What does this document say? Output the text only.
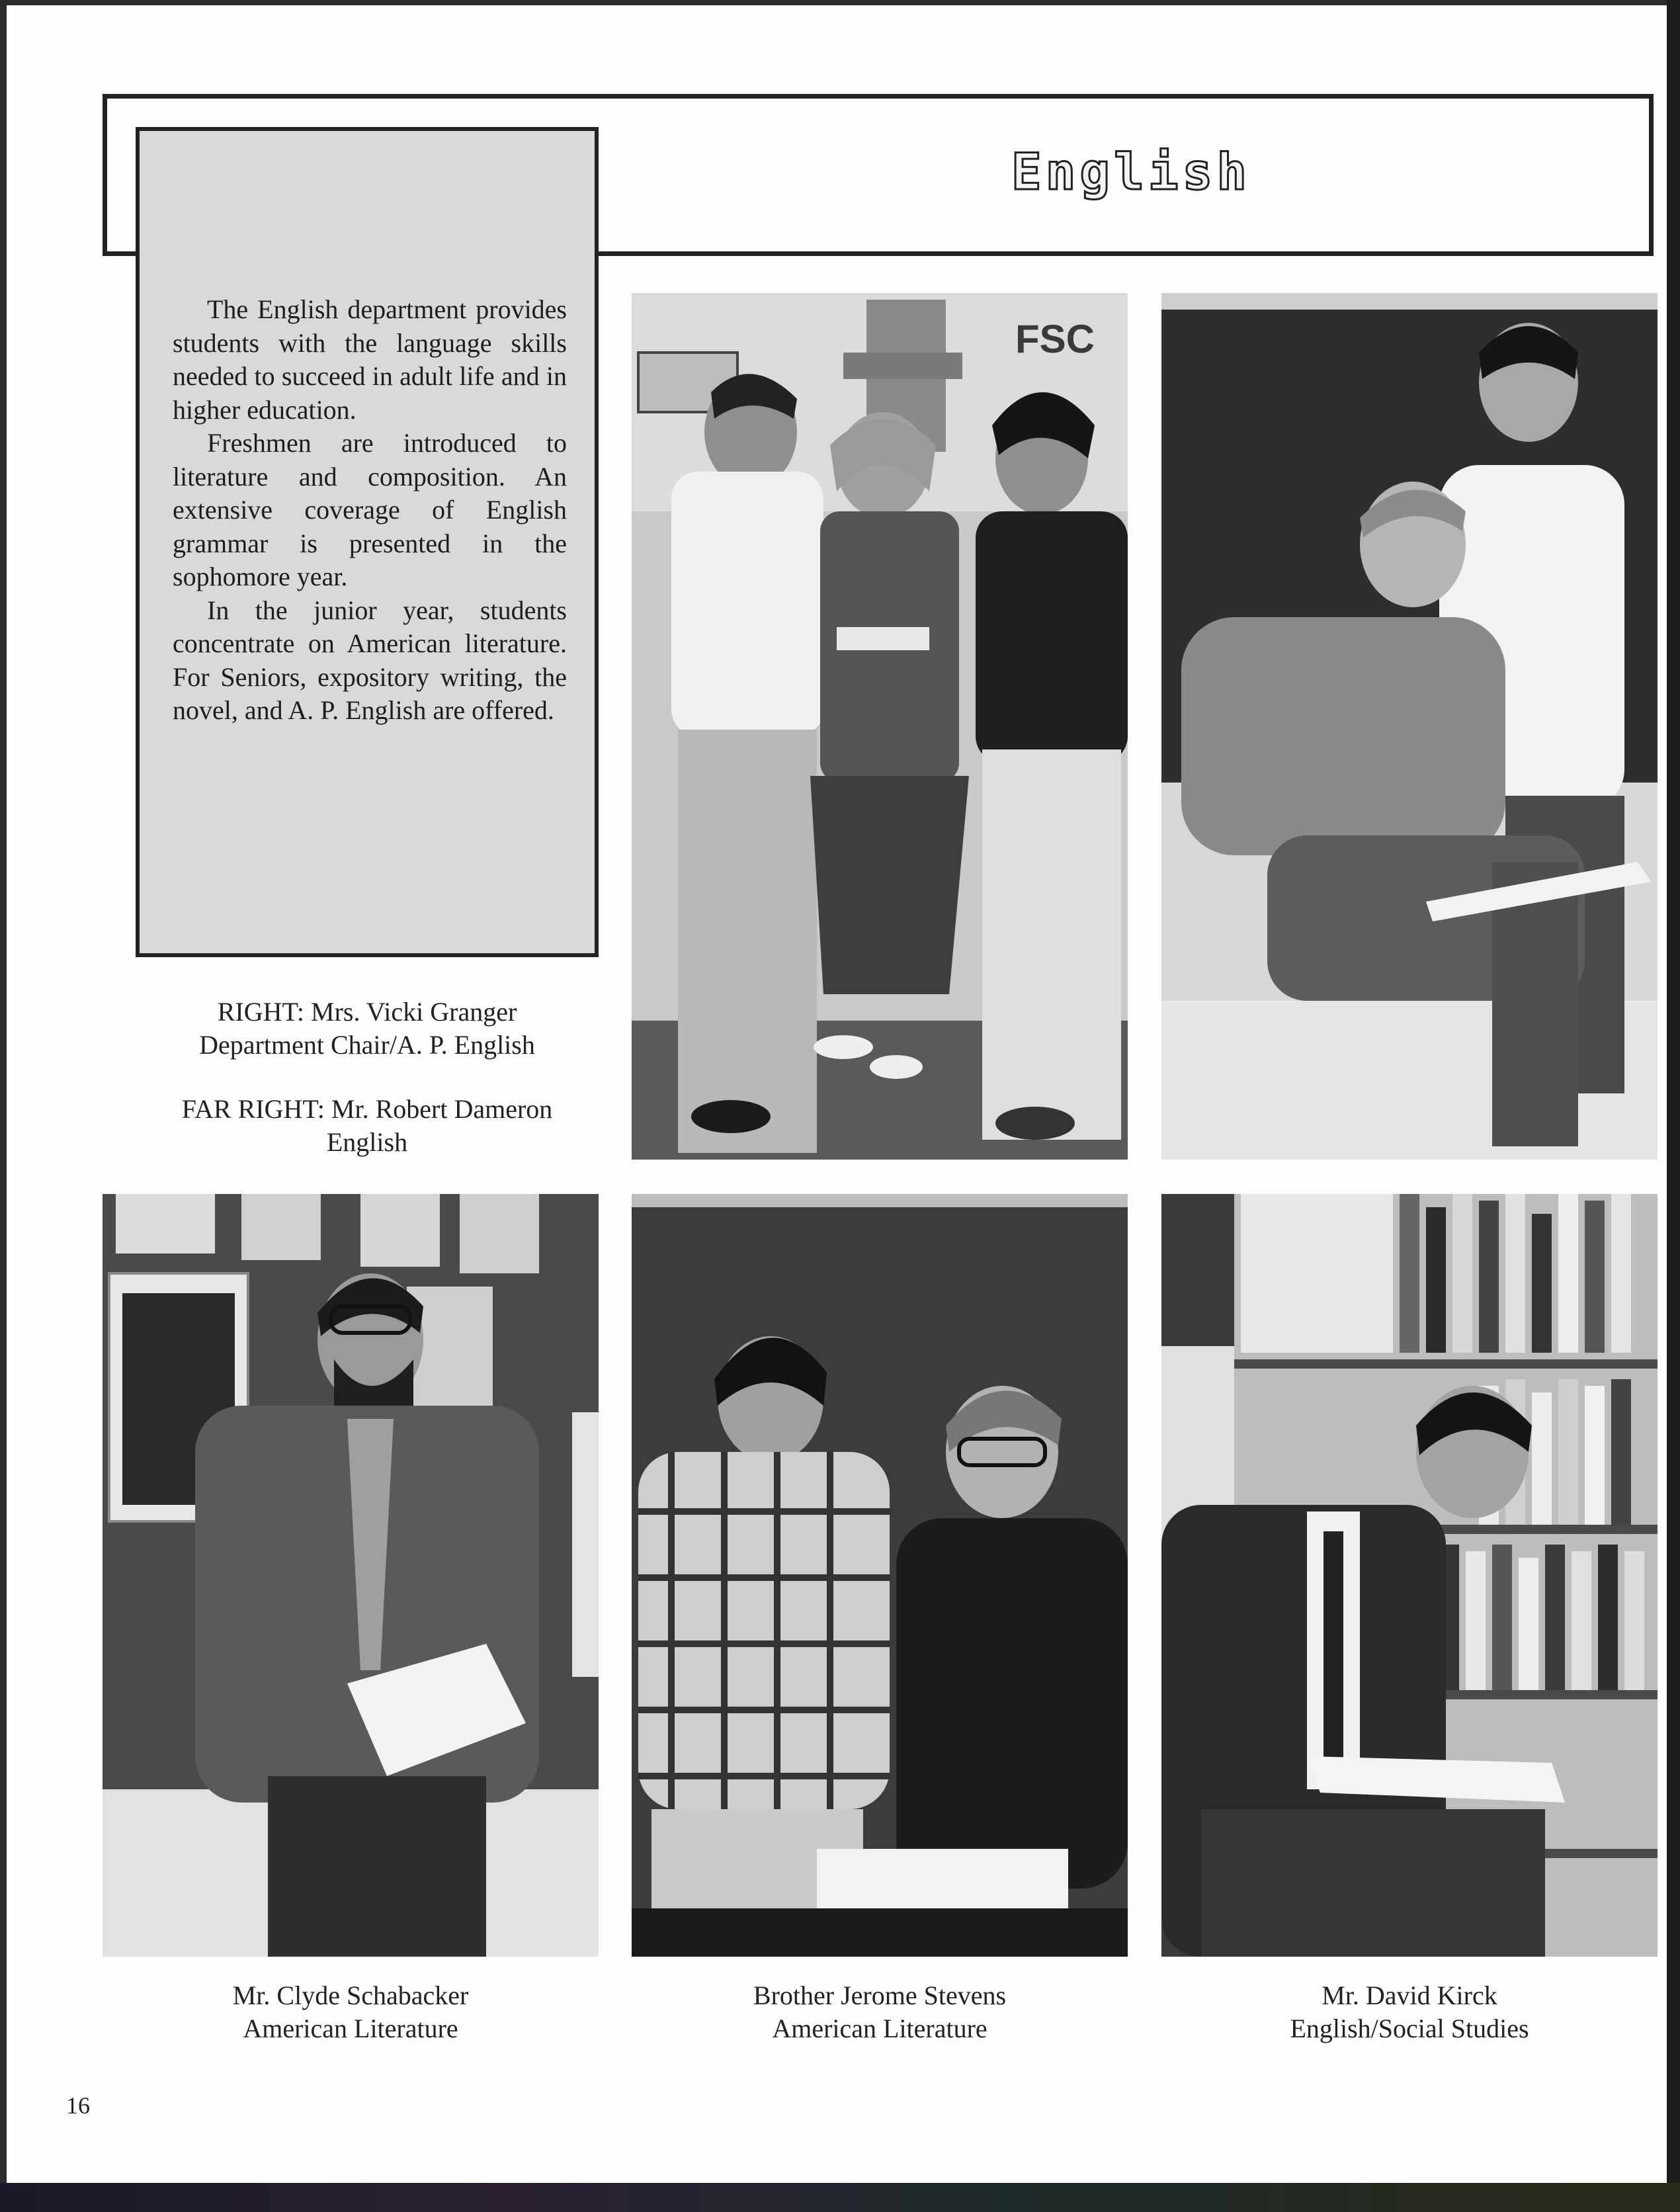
English

The English department provides students with the language skills needed to succeed in adult life and in higher education.

Freshmen are introduced to literature and composition. An extensive coverage of English grammar is presented in the sophomore year.

In the junior year, students concentrate on American literature. For Seniors, expository writing, the novel, and A. P. English are offered.

RIGHT: Mrs. Vicki Granger
Department Chair/A. P. English
FAR RIGHT: Mr. Robert Dameron
English
FSC
Mr. Clyde Schabacker
American Literature
Brother Jerome Stevens
American Literature
Mr. David Kirck
English/Social Studies
16
